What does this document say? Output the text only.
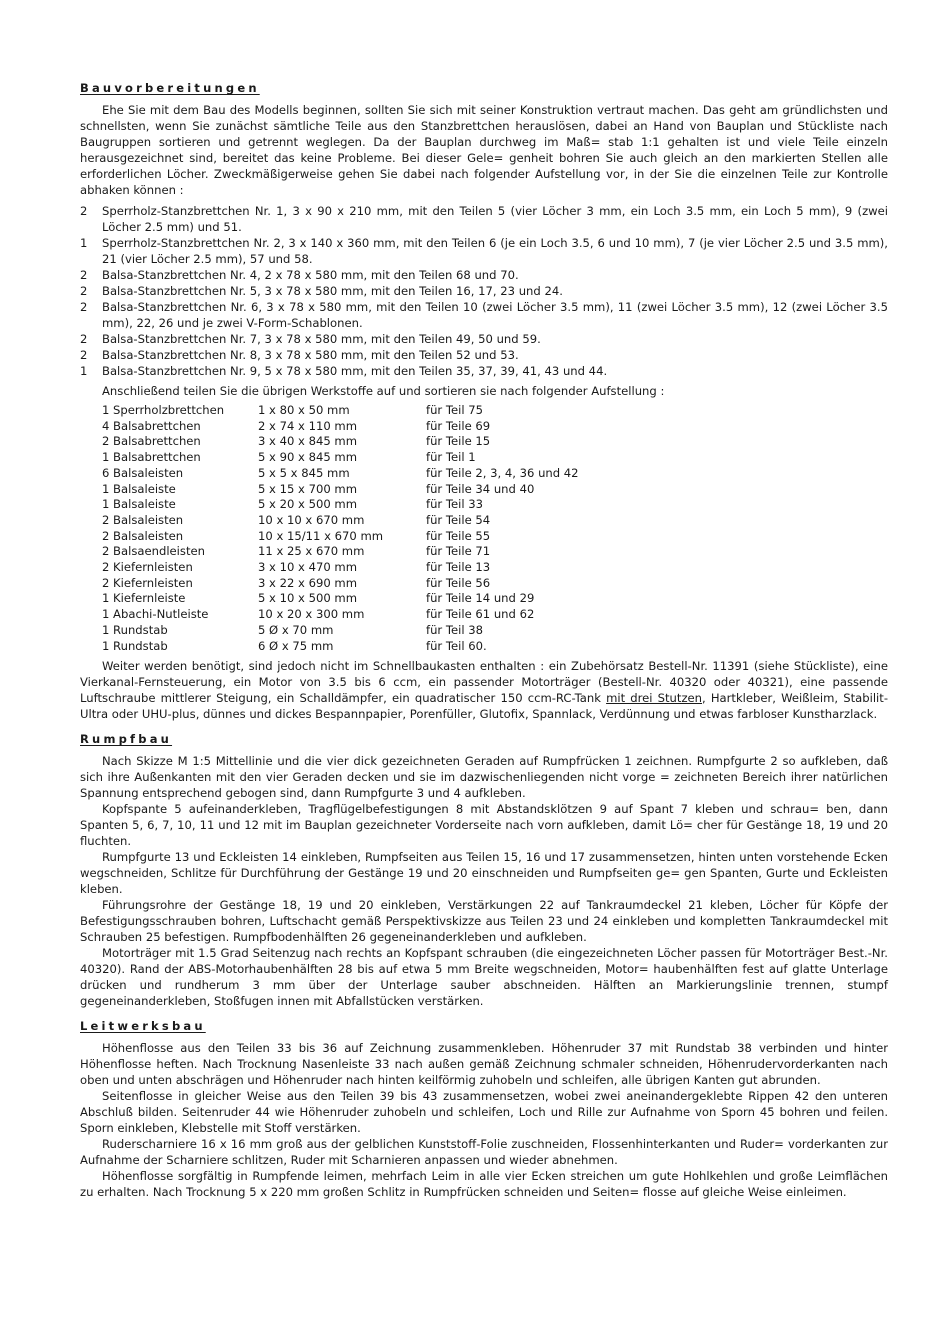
Bauvorbereitungen

Ehe Sie mit dem Bau des Modells beginnen, sollten Sie sich mit seiner Konstruktion vertraut machen. Das geht am gründlichsten und schnellsten, wenn Sie zunächst sämtliche Teile aus den Stanzbrettchen herauslösen, dabei an Hand von Bauplan und Stückliste nach Baugruppen sortieren und getrennt weglegen. Da der Bauplan durchweg im Maß= stab 1:1 gehalten ist und viele Teile einzeln herausgezeichnet sind, bereitet das keine Probleme. Bei dieser Gele= genheit bohren Sie auch gleich an den markierten Stellen alle erforderlichen Löcher. Zweckmäßigerweise gehen Sie dabei nach folgender Aufstellung vor, in der Sie die einzelnen Teile zur Kontrolle abhaken können :

2	Sperrholz-Stanzbrettchen Nr. 1, 3 x 90 x 210 mm, mit den Teilen 5 (vier Löcher 3 mm, ein Loch 3.5 mm, ein Loch 5 mm), 9 (zwei Löcher 2.5 mm) und 51.
1	Sperrholz-Stanzbrettchen Nr. 2, 3 x 140 x 360 mm, mit den Teilen 6 (je ein Loch 3.5, 6 und 10 mm), 7 (je vier Löcher 2.5 und 3.5 mm), 21 (vier Löcher 2.5 mm), 57 und 58.
2	Balsa-Stanzbrettchen Nr. 4, 2 x 78 x 580 mm, mit den Teilen 68 und 70.
2	Balsa-Stanzbrettchen Nr. 5, 3 x 78 x 580 mm, mit den Teilen 16, 17, 23 und 24.
2	Balsa-Stanzbrettchen Nr. 6, 3 x 78 x 580 mm, mit den Teilen 10 (zwei Löcher 3.5 mm), 11 (zwei Löcher 3.5 mm), 12 (zwei Löcher 3.5 mm), 22, 26 und je zwei V-Form-Schablonen.
2	Balsa-Stanzbrettchen Nr. 7, 3 x 78 x 580 mm, mit den Teilen 49, 50 und 59.
2	Balsa-Stanzbrettchen Nr. 8, 3 x 78 x 580 mm, mit den Teilen 52 und 53.
1	Balsa-Stanzbrettchen Nr. 9, 5 x 78 x 580 mm, mit den Teilen 35, 37, 39, 41, 43 und 44.

Anschließend teilen Sie die übrigen Werkstoffe auf und sortieren sie nach folgender Aufstellung :

1 Sperrholzbrettchen	1 x 80 x 50 mm	für Teil 75
4 Balsabrettchen	2 x 74 x 110 mm	für Teile 69
2 Balsabrettchen	3 x 40 x 845 mm	für Teile 15
1 Balsabrettchen	5 x 90 x 845 mm	für Teil 1
6 Balsaleisten	5 x 5 x 845 mm	für Teile 2, 3, 4, 36 und 42
1 Balsaleiste	5 x 15 x 700 mm	für Teile 34 und 40
1 Balsaleiste	5 x 20 x 500 mm	für Teil 33
2 Balsaleisten	10 x 10 x 670 mm	für Teile 54
2 Balsaleisten	10 x 15/11 x 670 mm	für Teile 55
2 Balsaendleisten	11 x 25 x 670 mm	für Teile 71
2 Kiefernleisten	3 x 10 x 470 mm	für Teile 13
2 Kiefernleisten	3 x 22 x 690 mm	für Teile 56
1 Kiefernleiste	5 x 10 x 500 mm	für Teile 14 und 29
1 Abachi-Nutleiste	10 x 20 x 300 mm	für Teile 61 und 62
1 Rundstab	5 Ø x 70 mm	für Teil 38
1 Rundstab	6 Ø x 75 mm	für Teil 60.

Weiter werden benötigt, sind jedoch nicht im Schnellbaukasten enthalten : ein Zubehörsatz Bestell-Nr. 11391 (siehe Stückliste), eine Vierkanal-Fernsteuerung, ein Motor von 3.5 bis 6 ccm, ein passender Motorträger (Bestell-Nr. 40320 oder 40321), eine passende Luftschraube mittlerer Steigung, ein Schalldämpfer, ein quadratischer 150 ccm-RC-Tank mit drei Stutzen, Hartkleber, Weißleim, Stabilit-Ultra oder UHU-plus, dünnes und dickes Bespannpapier, Porenfüller, Glutofix, Spannlack, Verdünnung und etwas farbloser Kunstharzlack.

Rumpfbau

Nach Skizze M 1:5 Mittellinie und die vier dick gezeichneten Geraden auf Rumpfrücken 1 zeichnen. Rumpfgurte 2 so aufkleben, daß sich ihre Außenkanten mit den vier Geraden decken und sie im dazwischenliegenden nicht vorge = zeichneten Bereich ihrer natürlichen Spannung entsprechend gebogen sind, dann Rumpfgurte 3 und 4 aufkleben.

Kopfspante 5 aufeinanderkleben, Tragflügelbefestigungen 8 mit Abstandsklötzen 9 auf Spant 7 kleben und schrau= ben, dann Spanten 5, 6, 7, 10, 11 und 12 mit im Bauplan gezeichneter Vorderseite nach vorn aufkleben, damit Lö= cher für Gestänge 18, 19 und 20 fluchten.

Rumpfgurte 13 und Eckleisten 14 einkleben, Rumpfseiten aus Teilen 15, 16 und 17 zusammensetzen, hinten unten vorstehende Ecken wegschneiden, Schlitze für Durchführung der Gestänge 19 und 20 einschneiden und Rumpfseiten ge= gen Spanten, Gurte und Eckleisten kleben.

Führungsrohre der Gestänge 18, 19 und 20 einkleben, Verstärkungen 22 auf Tankraumdeckel 21 kleben, Löcher für Köpfe der Befestigungsschrauben bohren, Luftschacht gemäß Perspektivskizze aus Teilen 23 und 24 einkleben und kompletten Tankraumdeckel mit Schrauben 25 befestigen. Rumpfbodenhälften 26 gegeneinanderkleben und aufkleben.

Motorträger mit 1.5 Grad Seitenzug nach rechts an Kopfspant schrauben (die eingezeichneten Löcher passen für Motorträger Best.-Nr. 40320). Rand der ABS-Motorhaubenhälften 28 bis auf etwa 5 mm Breite wegschneiden, Motor= haubenhälften fest auf glatte Unterlage drücken und rundherum 3 mm über der Unterlage sauber abschneiden. Hälften an Markierungslinie trennen, stumpf gegeneinanderkleben, Stoßfugen innen mit Abfallstücken verstärken.

Leitwerksbau

Höhenflosse aus den Teilen 33 bis 36 auf Zeichnung zusammenkleben. Höhenruder 37 mit Rundstab 38 verbinden und hinter Höhenflosse heften. Nach Trocknung Nasenleiste 33 nach außen gemäß Zeichnung schmaler schneiden, Höhenrudervorderkanten nach oben und unten abschrägen und Höhenruder nach hinten keilförmig zuhobeln und schleifen, alle übrigen Kanten gut abrunden.

Seitenflosse in gleicher Weise aus den Teilen 39 bis 43 zusammensetzen, wobei zwei aneinandergeklebte Rippen 42 den unteren Abschluß bilden. Seitenruder 44 wie Höhenruder zuhobeln und schleifen, Loch und Rille zur Aufnahme von Sporn 45 bohren und feilen. Sporn einkleben, Klebstelle mit Stoff verstärken.

Ruderscharniere 16 x 16 mm groß aus der gelblichen Kunststoff-Folie zuschneiden, Flossenhinterkanten und Ruder= vorderkanten zur Aufnahme der Scharniere schlitzen, Ruder mit Scharnieren anpassen und wieder abnehmen.

Höhenflosse sorgfältig in Rumpfende leimen, mehrfach Leim in alle vier Ecken streichen um gute Hohlkehlen und große Leimflächen zu erhalten. Nach Trocknung 5 x 220 mm großen Schlitz in Rumpfrücken schneiden und Seiten= flosse auf gleiche Weise einleimen.
